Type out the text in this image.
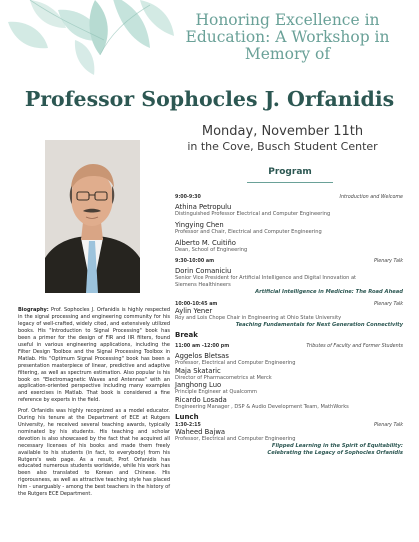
Honoring Excellence in
Education: A Workshop in
Memory of
Professor Sophocles J. Orfanidis
Monday, November 11th
in the Cove, Busch Student Center

Biography: Prof. Sophocles J. Orfanidis is highly respected in the signal processing and engineering community for his legacy of well-crafted, widely cited, and extensively utilized books. His "Introduction to Signal Processing" book has been a primer for the design of FIR and IIR filters, found useful in various engineering applications, including the Filter Design Toolbox and the Signal Processing Toolbox in Matlab. His "Optimum Signal Processing" book has been a presentation masterpiece of linear, predictive and adaptive filtering, as well as spectrum estimation. Also popular is his book on "Electromagnetic Waves and Antennas" with an application-oriented perspective including many examples and exercises in Matlab. That book is considered a fine reference by experts in the field.

Prof. Orfanidis was highly recognized as a model educator. During his tenure at the Department of ECE at Rutgers University, he received several teaching awards, typically nominated by his students. His teaching and scholar devotion is also showcased by the fact that he acquired all necessary licenses of his books and made them freely available to his students (in fact, to everybody) from his Rutgers's web page. As a result, Prof. Orfanidis has educated numerous students worldwide, while his work has been also translated to Korean and Chinese. His rigorousness, as well as attractive teaching style has placed him - unarguably - among the best teachers in the history of the Rutgers ECE Department.

Program
9:00-9:30	Introduction and Welcome
Athina Petropulu
Distinguished Professor Electrical and Computer Engineering
Yingying Chen
Professor and Chair, Electrical and Computer Engineering
Alberto M. Cuitiño
Dean, School of Engineering
9:30-10:00 am	Plenary Talk
Dorin Comaniciu
Senior Vice President for Artificial Intelligence and Digital Innovation at
Siemens Healthineers
Artificial Intelligence in Medicine: The Road Ahead
10:00-10:45 am	Plenary Talk
Aylin Yener
Roy and Lois Chope Chair in Engineering at Ohio State University
Teaching Fundamentals for Next Generation Connectivity
Break
11:00 am -12:00 pm	Tributes of Faculty and Former Students
Aggelos Bletsas
Professor, Electrical and Computer Engineering
Maja Skataric
Director of Pharmacometrics at Merck
Janghong Luo
Principle Engineer at Qualcomm
Ricardo Losada
Engineering Manager , DSP & Audio Development Team, MathWorks
Lunch
1:30-2:15	Plenary Talk
Waheed Bajwa
Professor, Electrical and Computer Engineering
Flipped Learning in the Spirit of Equitability:
Celebrating the Legacy of Sophocles Orfanidis
